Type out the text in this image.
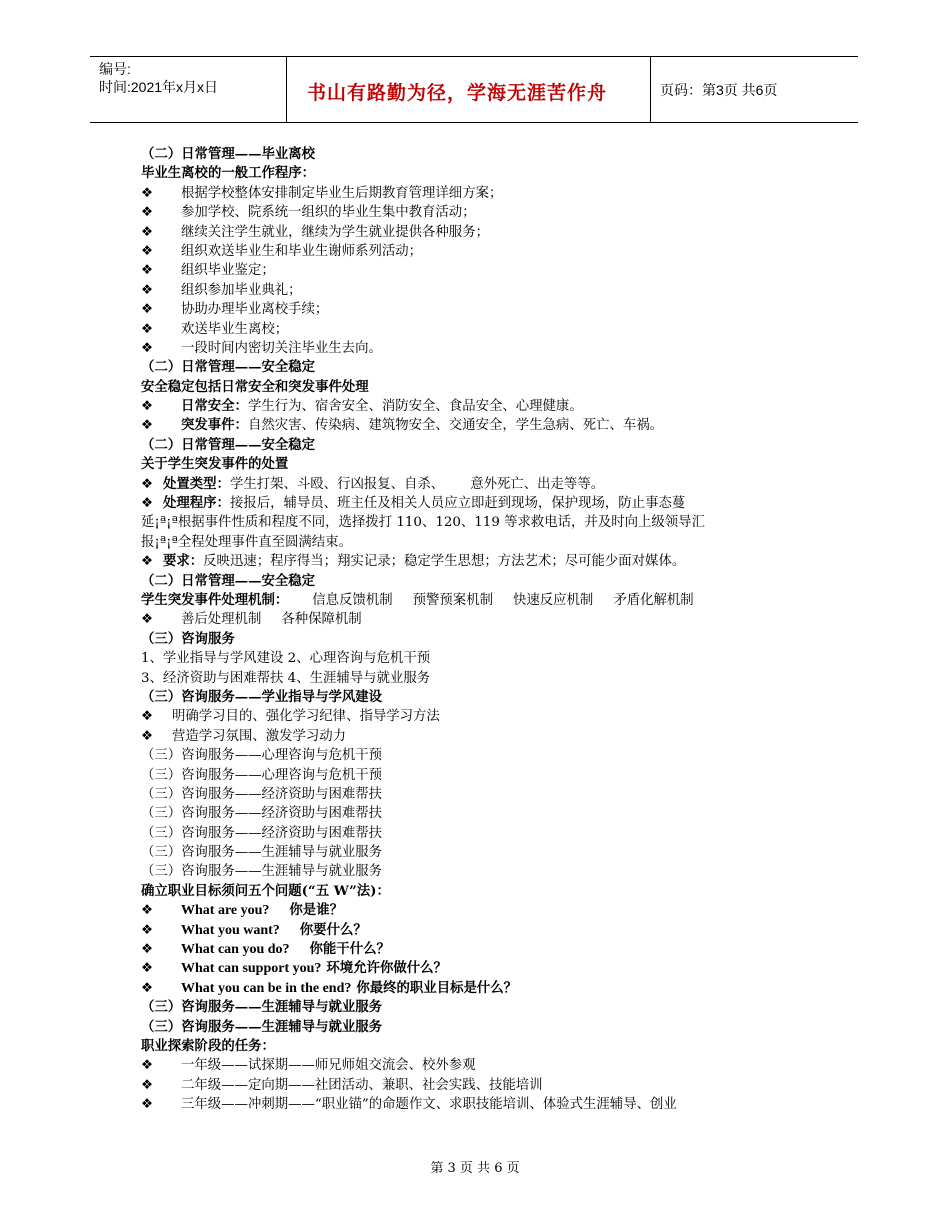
编号:
时间:2021年x月x日	书山有路勤为径，学海无涯苦作舟	页码：第3页 共6页
（二）日常管理——毕业离校
毕业生离校的一般工作程序：
❖ 根据学校整体安排制定毕业生后期教育管理详细方案；
❖ 参加学校、院系统一组织的毕业生集中教育活动；
❖ 继续关注学生就业，继续为学生就业提供各种服务；
❖ 组织欢送毕业生和毕业生谢师系列活动；
❖ 组织毕业鉴定；
❖ 组织参加毕业典礼；
❖ 协助办理毕业离校手续；
❖ 欢送毕业生离校；
❖ 一段时间内密切关注毕业生去向。
（二）日常管理——安全稳定
安全稳定包括日常安全和突发事件处理
❖ 日常安全：学生行为、宿舍安全、消防安全、食品安全、心理健康。
❖ 突发事件：自然灾害、传染病、建筑物安全、交通安全，学生急病、死亡、车祸。
（二）日常管理——安全稳定
关于学生突发事件的处置
❖ 处置类型：学生打架、斗殴、行凶报复、自杀、 意外死亡、出走等等。
❖ 处理程序：接报后，辅导员、班主任及相关人员应立即赶到现场，保护现场，防止事态蔓
延¡ª¡ª根据事件性质和程度不同，选择拨打 110、120、119 等求救电话，并及时向上级领导汇
报¡ª¡ª全程处理事件直至圆满结束。
❖ 要求：反映迅速；程序得当；翔实记录；稳定学生思想；方法艺术；尽可能少面对媒体。
（二）日常管理——安全稳定
学生突发事件处理机制： 信息反馈机制 预警预案机制 快速反应机制 矛盾化解机制
❖ 善后处理机制 各种保障机制
（三）咨询服务
1、学业指导与学风建设 2、心理咨询与危机干预
3、经济资助与困难帮扶 4、生涯辅导与就业服务
（三）咨询服务——学业指导与学风建设
❖ 明确学习目的、强化学习纪律、指导学习方法
❖ 营造学习氛围、激发学习动力
（三）咨询服务——心理咨询与危机干预
（三）咨询服务——心理咨询与危机干预
（三）咨询服务——经济资助与困难帮扶
（三）咨询服务——经济资助与困难帮扶
（三）咨询服务——经济资助与困难帮扶
（三）咨询服务——生涯辅导与就业服务
（三）咨询服务——生涯辅导与就业服务
确立职业目标须问五个问题(“五 W”法)：
❖ What are you? 你是谁？
❖ What you want? 你要什么？
❖ What can you do? 你能干什么？
❖ What can support you? 环境允许你做什么？
❖ What you can be in the end? 你最终的职业目标是什么？
（三）咨询服务——生涯辅导与就业服务
（三）咨询服务——生涯辅导与就业服务
职业探索阶段的任务：
❖ 一年级——试探期——师兄师姐交流会、校外参观
❖ 二年级——定向期——社团活动、兼职、社会实践、技能培训
❖ 三年级——冲刺期——“职业锚”的命题作文、求职技能培训、体验式生涯辅导、创业
第 3 页 共 6 页
